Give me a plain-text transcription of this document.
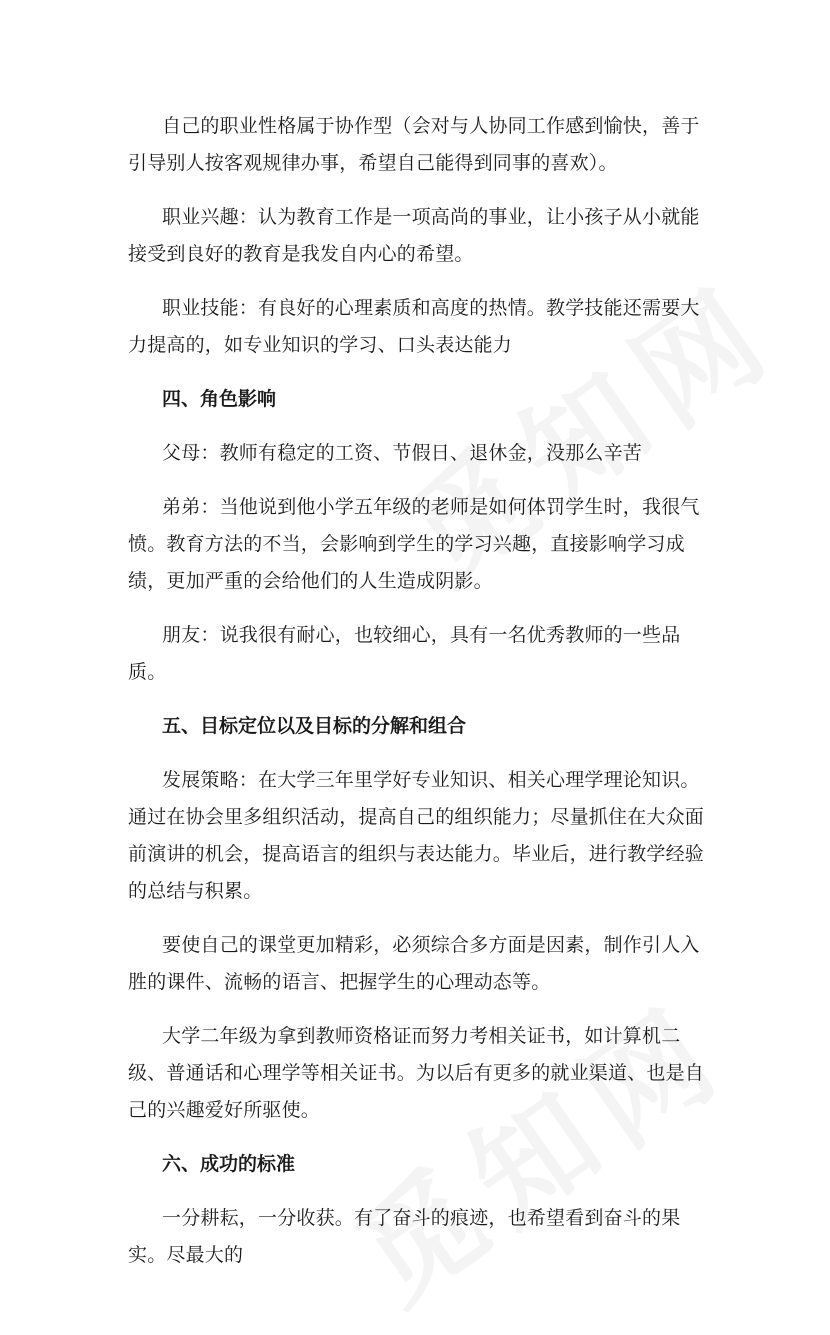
自己的职业性格属于协作型（会对与人协同工作感到愉快，善于引导别人按客观规律办事，希望自己能得到同事的喜欢）。

职业兴趣：认为教育工作是一项高尚的事业，让小孩子从小就能接受到良好的教育是我发自内心的希望。

职业技能：有良好的心理素质和高度的热情。教学技能还需要大力提高的，如专业知识的学习、口头表达能力

四、角色影响

父母：教师有稳定的工资、节假日、退休金，没那么辛苦

弟弟：当他说到他小学五年级的老师是如何体罚学生时，我很气愤。教育方法的不当，会影响到学生的学习兴趣，直接影响学习成绩，更加严重的会给他们的人生造成阴影。

朋友：说我很有耐心，也较细心，具有一名优秀教师的一些品质。

五、目标定位以及目标的分解和组合

发展策略：在大学三年里学好专业知识、相关心理学理论知识。通过在协会里多组织活动，提高自己的组织能力；尽量抓住在大众面前演讲的机会，提高语言的组织与表达能力。毕业后，进行教学经验的总结与积累。

要使自己的课堂更加精彩，必须综合多方面是因素，制作引人入胜的课件、流畅的语言、把握学生的心理动态等。

大学二年级为拿到教师资格证而努力考相关证书，如计算机二级、普通话和心理学等相关证书。为以后有更多的就业渠道、也是自己的兴趣爱好所驱使。

六、成功的标准

一分耕耘，一分收获。有了奋斗的痕迹，也希望看到奋斗的果实。尽最大的
